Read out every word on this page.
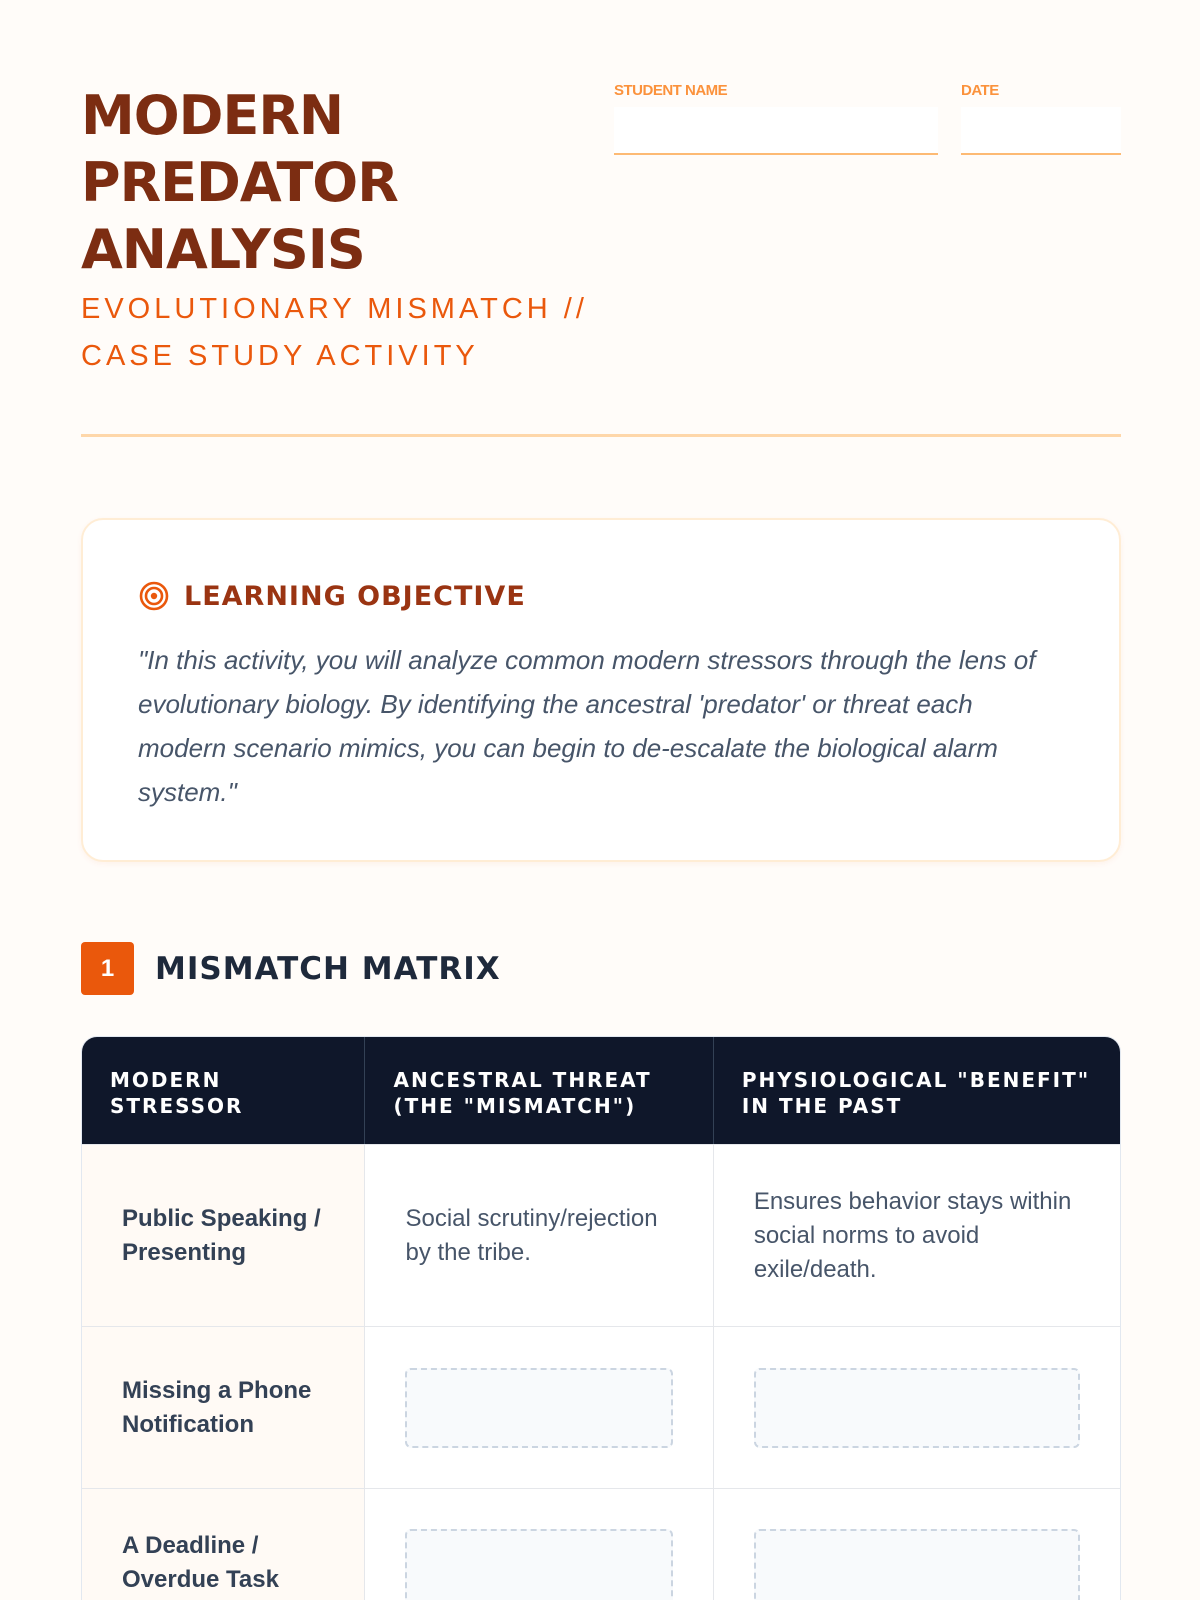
MODERN PREDATOR ANALYSIS
EVOLUTIONARY MISMATCH // CASE STUDY ACTIVITY
STUDENT NAME	DATE
LEARNING OBJECTIVE

"In this activity, you will analyze common modern stressors through the lens of evolutionary biology. By identifying the ancestral 'predator' or threat each modern scenario mimics, you can begin to de-escalate the biological alarm system."

1	MISMATCH MATRIX
MODERN STRESSOR
ANCESTRAL THREAT (THE "MISMATCH")
PHYSIOLOGICAL "BENEFIT" IN THE PAST
Public Speaking / Presenting
Social scrutiny/rejection by the tribe.
Ensures behavior stays within social norms to avoid exile/death.
Missing a Phone Notification
A Deadline / Overdue Task
